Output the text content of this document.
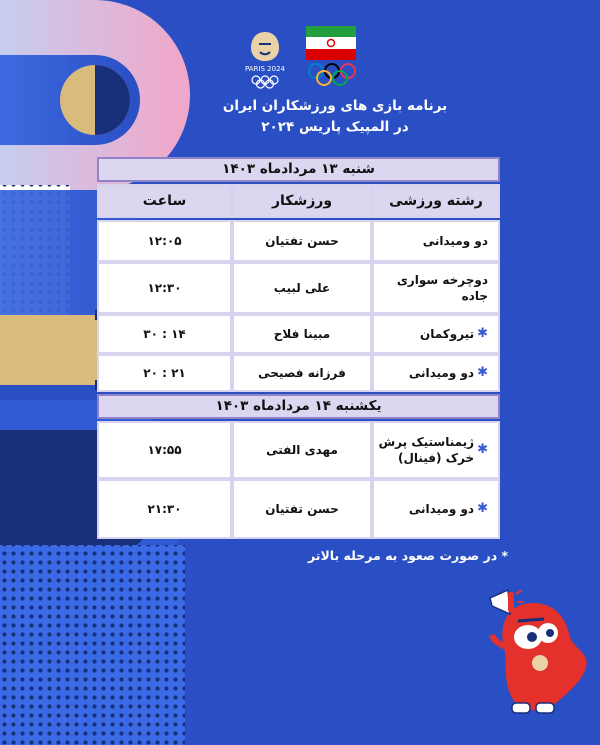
PARIS 2024
برنامه بازی های ورزشکاران ایران
در المپیک پاریس ۲۰۲۴
شنبه ۱۳ مردادماه ۱۴۰۳
رشته ورزشی
ورزشکار
ساعت
دو ومیدانی
حسن تفتیان
۱۲:۰۵
دوچرخه سواری جاده
علی لبیب
۱۲:۳۰
✱
تیروکمان
مبینا فلاح
۱۴ : ۳۰
✱
دو ومیدانی
فرزانه فصیحی
۲۱ : ۲۰
یکشنبه ۱۴ مردادماه ۱۴۰۳
✱
ژیمناستیک پرش خرک (فینال)
مهدی الفتی
۱۷:۵۵
✱
دو ومیدانی
حسن تفتیان
۲۱:۳۰
* در صورت صعود به مرحله بالاتر
